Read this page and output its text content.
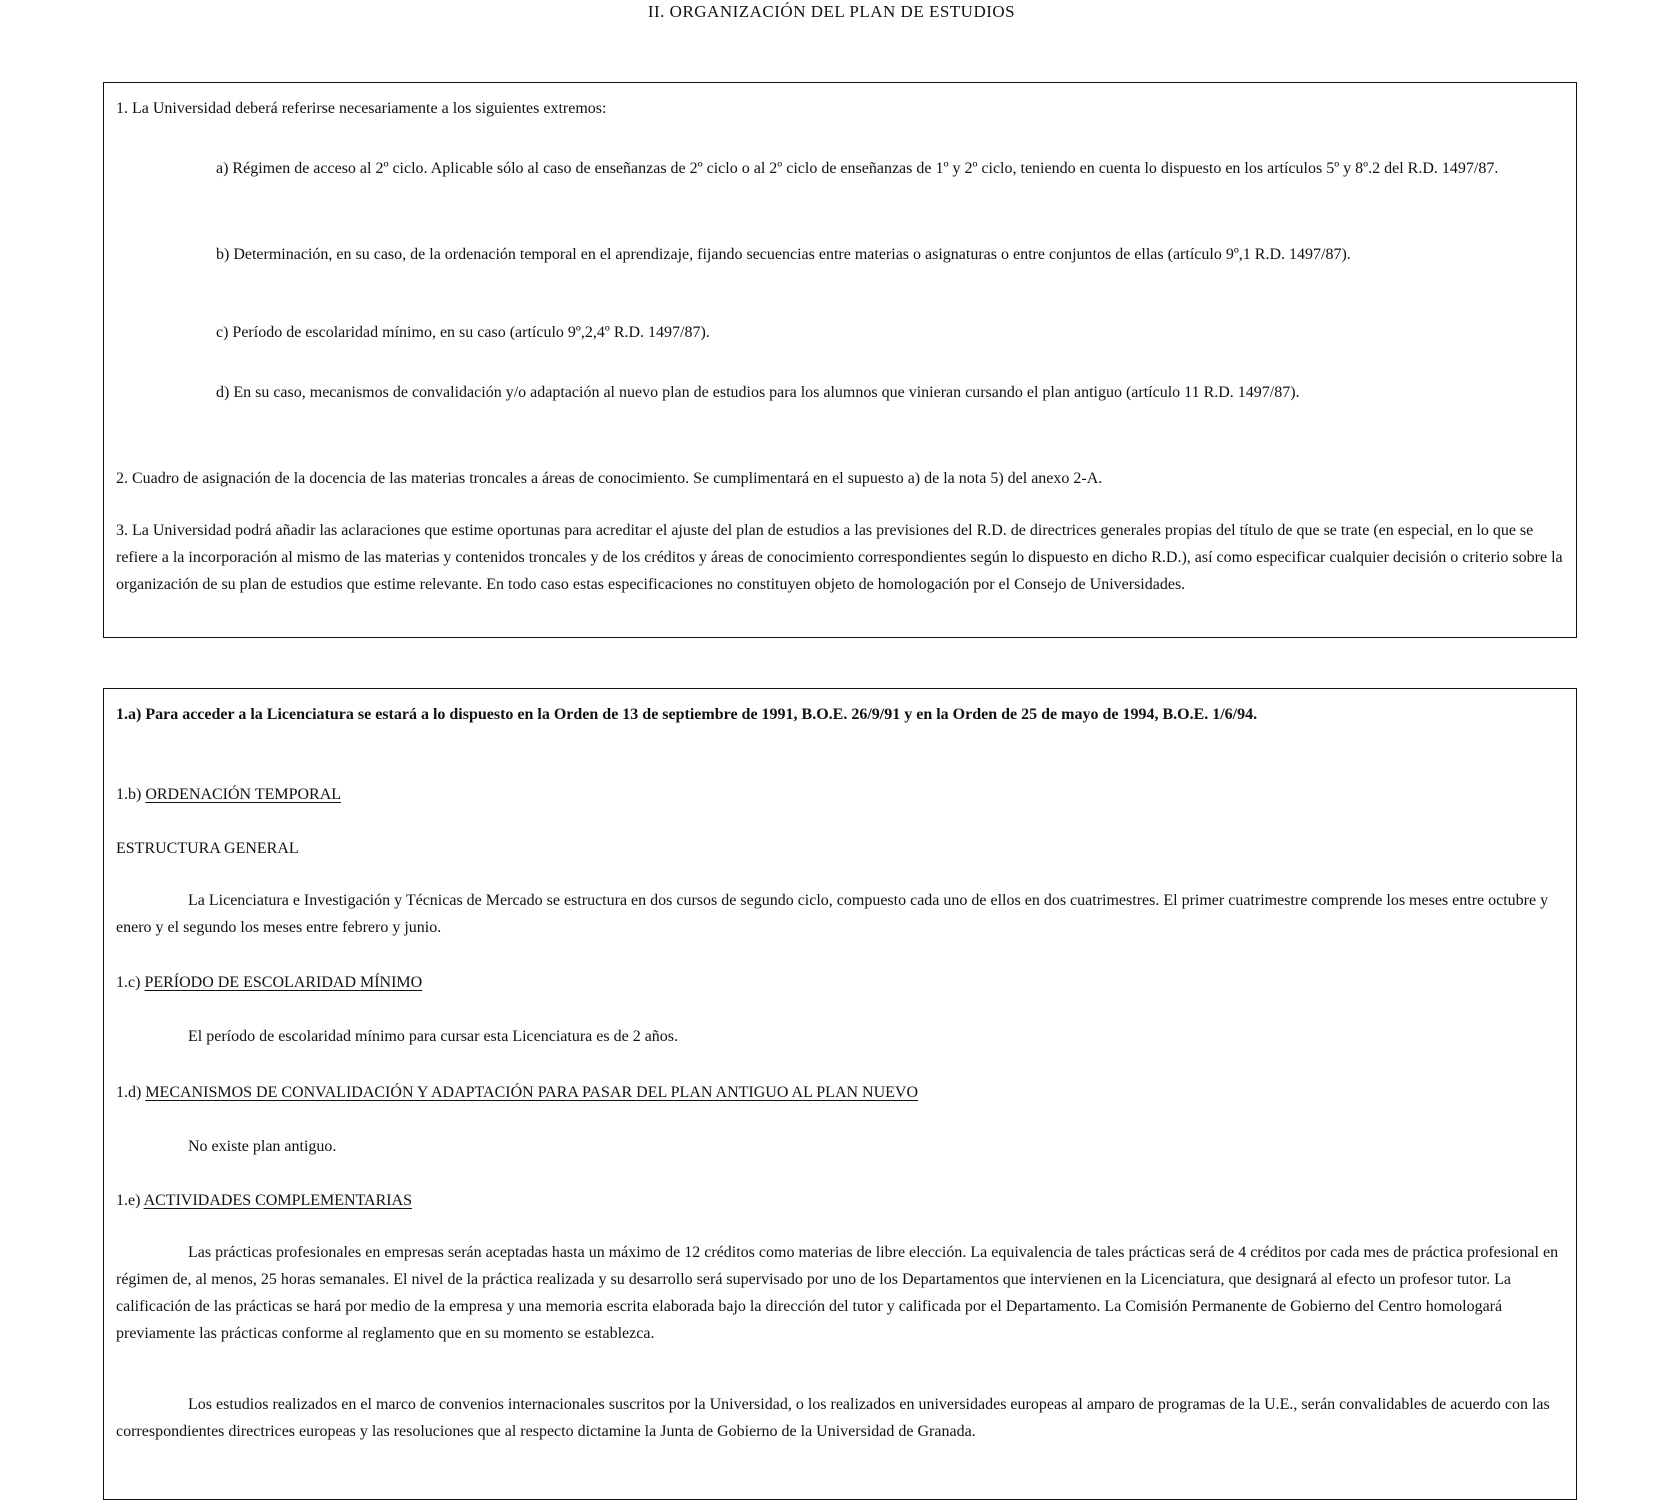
II. ORGANIZACIÓN DEL PLAN DE ESTUDIOS

1. La Universidad deberá referirse necesariamente a los siguientes extremos:

a) Régimen de acceso al 2º ciclo. Aplicable sólo al caso de enseñanzas de 2º ciclo o al 2º ciclo de enseñanzas de 1º y 2º ciclo, teniendo en cuenta lo dispuesto en los artículos 5º y 8º.2 del R.D. 1497/87.

b) Determinación, en su caso, de la ordenación temporal en el aprendizaje, fijando secuencias entre materias o asignaturas o entre conjuntos de ellas (artículo 9º,1 R.D. 1497/87).

c) Período de escolaridad mínimo, en su caso (artículo 9º,2,4º R.D. 1497/87).

d) En su caso, mecanismos de convalidación y/o adaptación al nuevo plan de estudios para los alumnos que vinieran cursando el plan antiguo (artículo 11 R.D. 1497/87).

2. Cuadro de asignación de la docencia de las materias troncales a áreas de conocimiento. Se cumplimentará en el supuesto a) de la nota 5) del anexo 2-A.

3. La Universidad podrá añadir las aclaraciones que estime oportunas para acreditar el ajuste del plan de estudios a las previsiones del R.D. de directrices generales propias del título de que se trate (en especial, en lo que se refiere a la incorporación al mismo de las materias y contenidos troncales y de los créditos y áreas de conocimiento correspondientes según lo dispuesto en dicho R.D.), así como especificar cualquier decisión o criterio sobre la organización de su plan de estudios que estime relevante. En todo caso estas especificaciones no constituyen objeto de homologación por el Consejo de Universidades.

1.a) Para acceder a la Licenciatura se estará a lo dispuesto en la Orden de 13 de septiembre de 1991, B.O.E. 26/9/91 y en la Orden de 25 de mayo de 1994, B.O.E. 1/6/94.

1.b) ORDENACIÓN TEMPORAL

ESTRUCTURA GENERAL

La Licenciatura e Investigación y Técnicas de Mercado se estructura en dos cursos de segundo ciclo, compuesto cada uno de ellos en dos cuatrimestres. El primer cuatrimestre comprende los meses entre octubre y enero y el segundo los meses entre febrero y junio.

1.c) PERÍODO DE ESCOLARIDAD MÍNIMO

El período de escolaridad mínimo para cursar esta Licenciatura es de 2 años.

1.d) MECANISMOS DE CONVALIDACIÓN Y ADAPTACIÓN PARA PASAR DEL PLAN ANTIGUO AL PLAN NUEVO

No existe plan antiguo.

1.e) ACTIVIDADES COMPLEMENTARIAS

Las prácticas profesionales en empresas serán aceptadas hasta un máximo de 12 créditos como materias de libre elección. La equivalencia de tales prácticas será de 4 créditos por cada mes de práctica profesional en régimen de, al menos, 25 horas semanales. El nivel de la práctica realizada y su desarrollo será supervisado por uno de los Departamentos que intervienen en la Licenciatura, que designará al efecto un profesor tutor. La calificación de las prácticas se hará por medio de la empresa y una memoria escrita elaborada bajo la dirección del tutor y calificada por el Departamento. La Comisión Permanente de Gobierno del Centro homologará previamente las prácticas conforme al reglamento que en su momento se establezca.

Los estudios realizados en el marco de convenios internacionales suscritos por la Universidad, o los realizados en universidades europeas al amparo de programas de la U.E., serán convalidables de acuerdo con las correspondientes directrices europeas y las resoluciones que al respecto dictamine la Junta de Gobierno de la Universidad de Granada.
